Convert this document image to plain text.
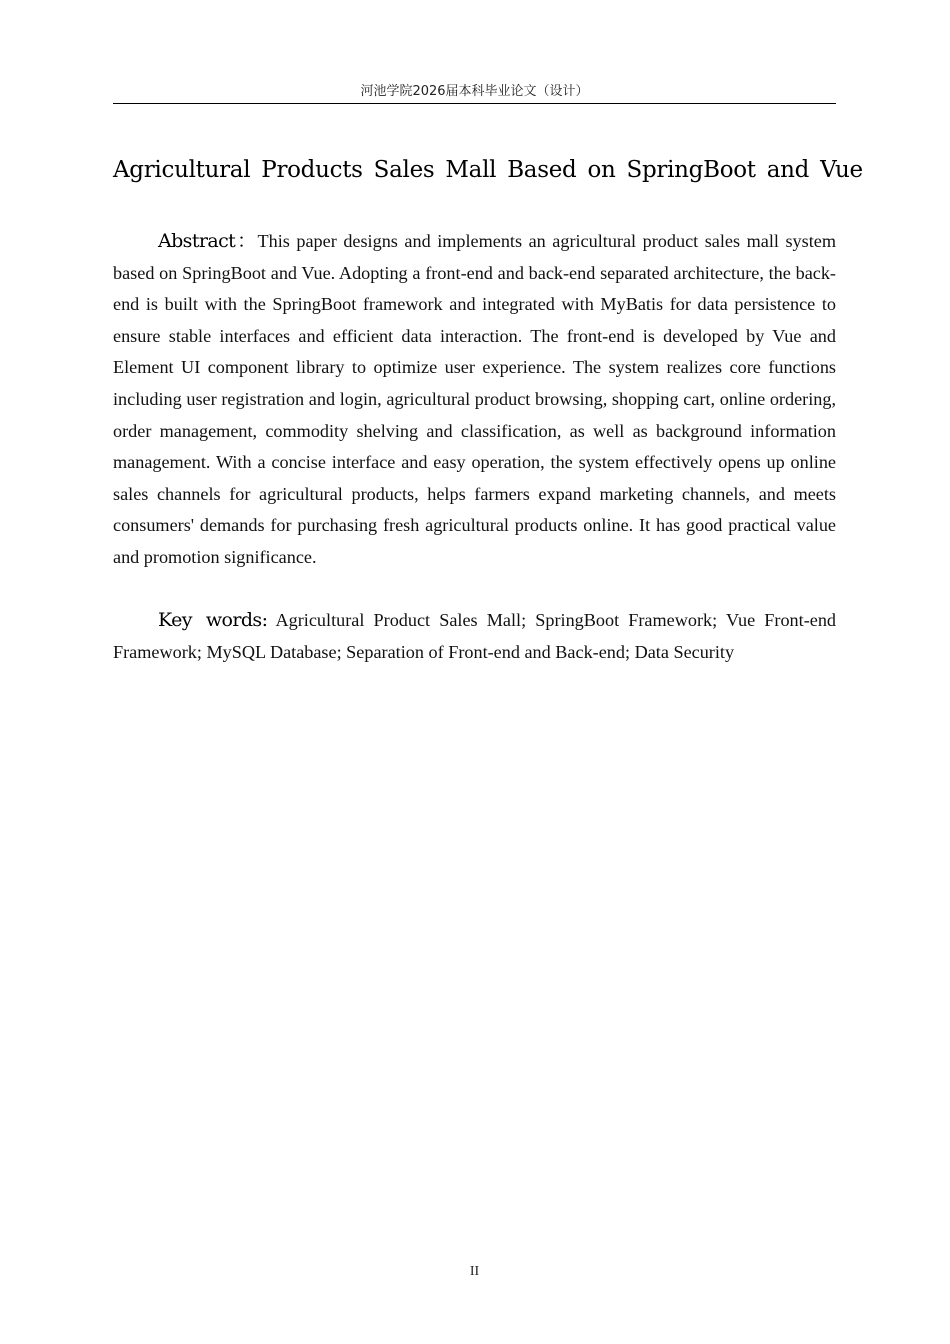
河池学院2026届本科毕业论文（设计）
Agricultural Products Sales Mall Based on SpringBoot and Vue

Abstract：This paper designs and implements an agricultural product sales mall system based on SpringBoot and Vue. Adopting a front-end and back-end separated architecture, the back-end is built with the SpringBoot framework and integrated with MyBatis for data persistence to ensure stable interfaces and efficient data interaction. The front-end is developed by Vue and Element UI component library to optimize user experience. The system realizes core functions including user registration and login, agricultural product browsing, shopping cart, online ordering, order management, commodity shelving and classification, as well as background information management. With a concise interface and easy operation, the system effectively opens up online sales channels for agricultural products, helps farmers expand marketing channels, and meets consumers' demands for purchasing fresh agricultural products online. It has good practical value and promotion significance.

Key words: Agricultural Product Sales Mall; SpringBoot Framework; Vue Front-end Framework; MySQL Database; Separation of Front-end and Back-end; Data Security

II
